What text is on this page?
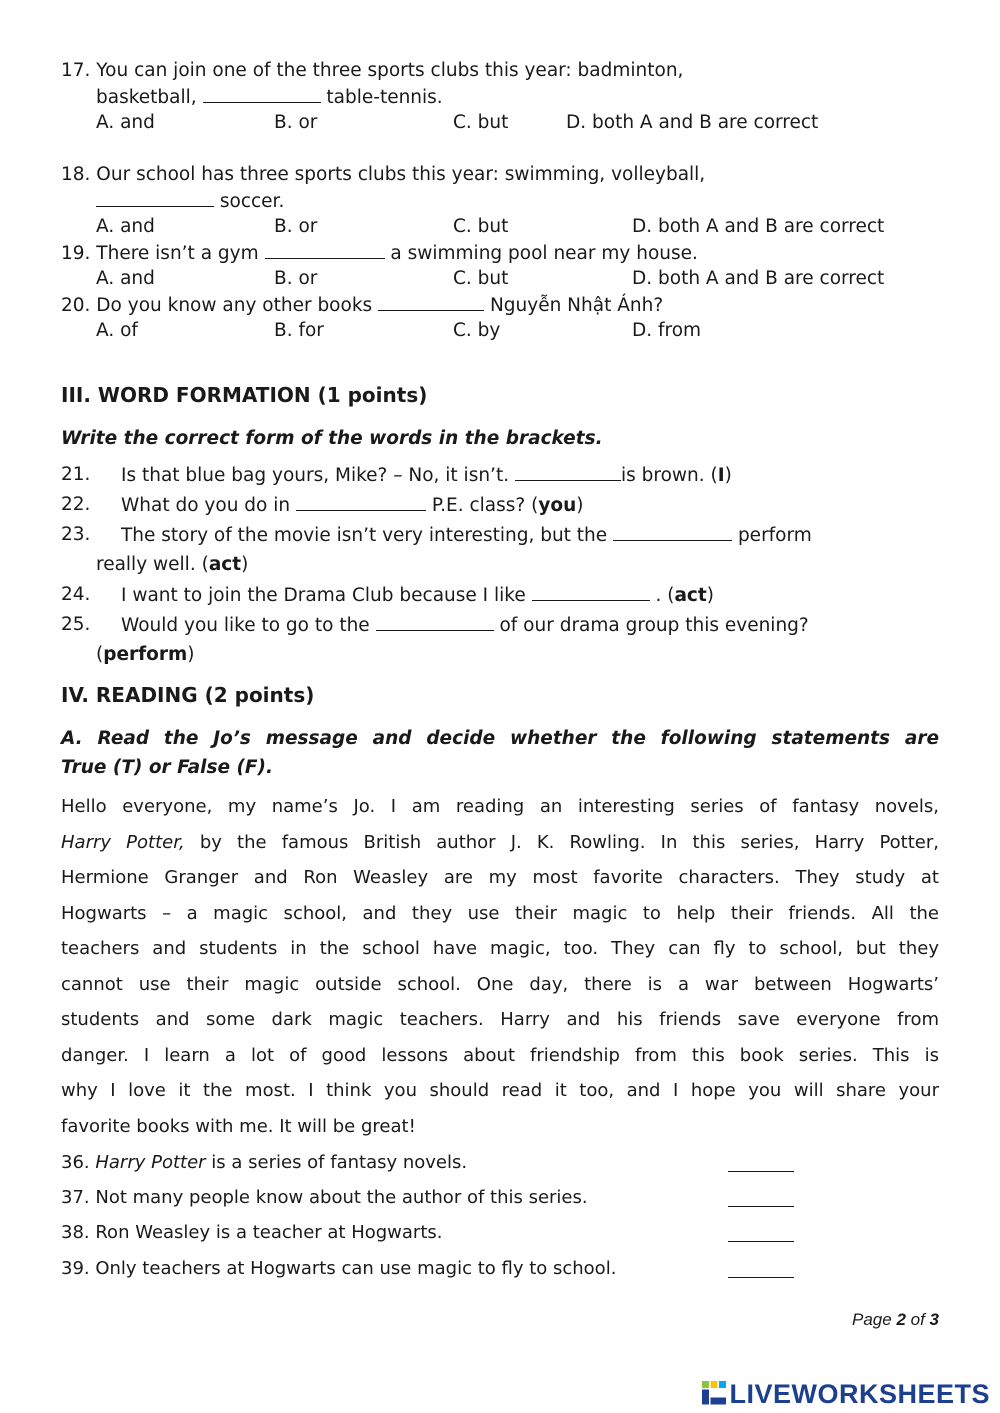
17. You can join one of the three sports clubs this year: badminton,
basketball,	table-tennis.
A. and	B. or	C. but	D. both A and B are correct
18. Our school has three sports clubs this year: swimming, volleyball,
soccer.
A. and	B. or	C. but	D. both A and B are correct
19. There isn’t a gym	a swimming pool near my house.
A. and	B. or	C. but	D. both A and B are correct
20. Do you know any other books	Nguyễn Nhật Ánh?
A. of	B. for	C. by	D. from
III. WORD FORMATION (1 points)
Write the correct form of the words in the brackets.
21. Is that blue bag yours, Mike? – No, it isn’t.	is brown. (I)
22. What do you do in	P.E. class? (you)
23. The story of the movie isn’t very interesting, but the	perform
really well. (act)
24. I want to join the Drama Club because I like	. (act)
25. Would you like to go to the	of our drama group this evening?
(perform)
IV. READING (2 points)
A. Read the Jo’s message and decide whether the following statements are
True (T) or False (F).
Hello everyone, my name’s Jo. I am reading an interesting series of fantasy novels,
Harry Potter, by the famous British author J. K. Rowling. In this series, Harry Potter,
Hermione Granger and Ron Weasley are my most favorite characters. They study at
Hogwarts – a magic school, and they use their magic to help their friends. All the
teachers and students in the school have magic, too. They can fly to school, but they
cannot use their magic outside school. One day, there is a war between Hogwarts’
students and some dark magic teachers. Harry and his friends save everyone from
danger. I learn a lot of good lessons about friendship from this book series. This is
why I love it the most. I think you should read it too, and I hope you will share your
favorite books with me. It will be great!
36. Harry Potter is a series of fantasy novels.
37. Not many people know about the author of this series.
38. Ron Weasley is a teacher at Hogwarts.
39. Only teachers at Hogwarts can use magic to fly to school.
Page 2 of 3
LIVEWORKSHEETS
